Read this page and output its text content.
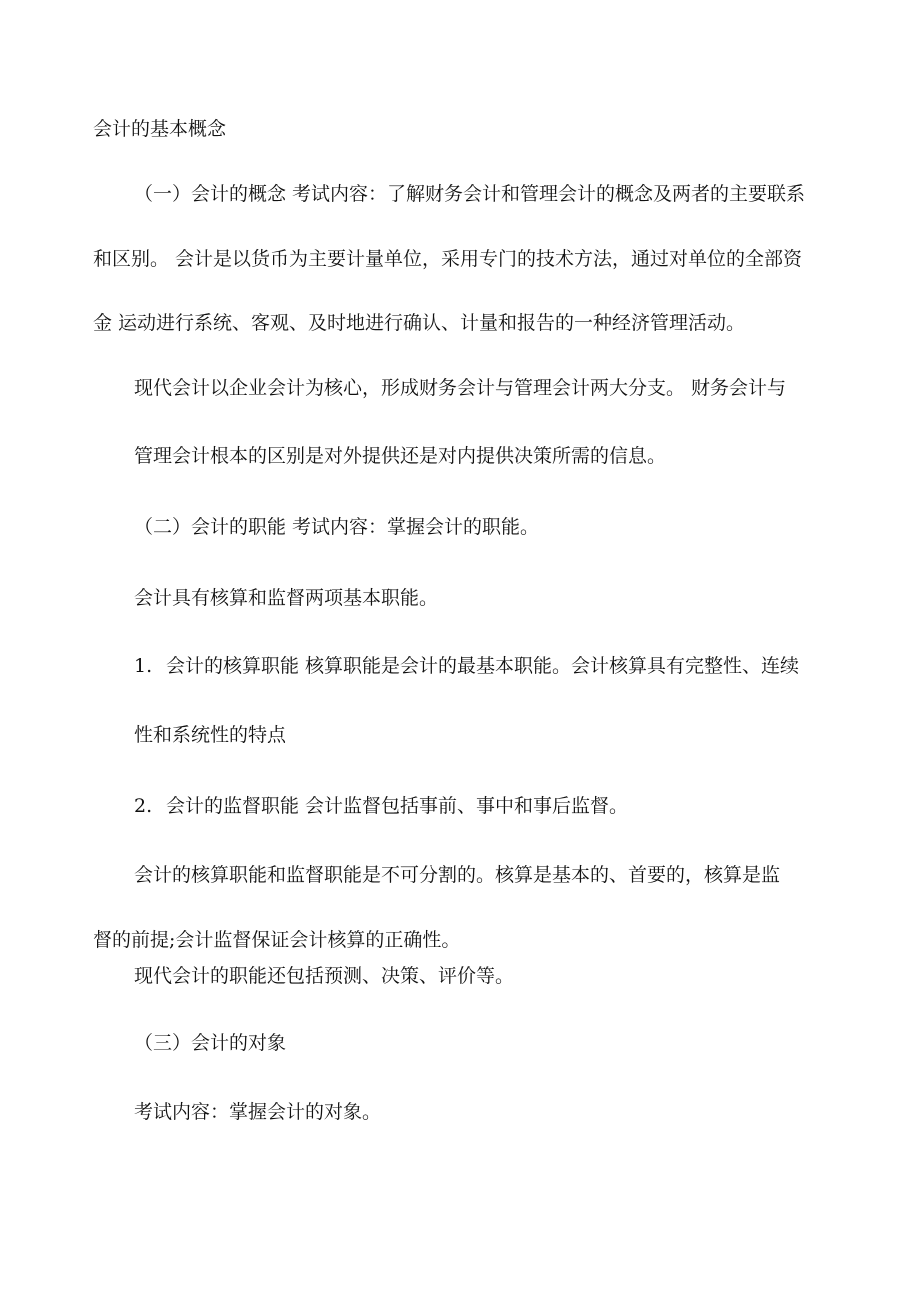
会计的基本概念

（一）会计的概念 考试内容：了解财务会计和管理会计的概念及两者的主要联系

和区别。 会计是以货币为主要计量单位，采用专门的技术方法，通过对单位的全部资

金 运动进行系统、客观、及时地进行确认、计量和报告的一种经济管理活动。

现代会计以企业会计为核心，形成财务会计与管理会计两大分支。 财务会计与

管理会计根本的区别是对外提供还是对内提供决策所需的信息。

（二）会计的职能 考试内容：掌握会计的职能。

会计具有核算和监督两项基本职能。

1. 会计的核算职能 核算职能是会计的最基本职能。会计核算具有完整性、连续

性和系统性的特点

2. 会计的监督职能 会计监督包括事前、事中和事后监督。

会计的核算职能和监督职能是不可分割的。核算是基本的、首要的，核算是监

督的前提;会计监督保证会计核算的正确性。

现代会计的职能还包括预测、决策、评价等。

（三）会计的对象

考试内容：掌握会计的对象。
